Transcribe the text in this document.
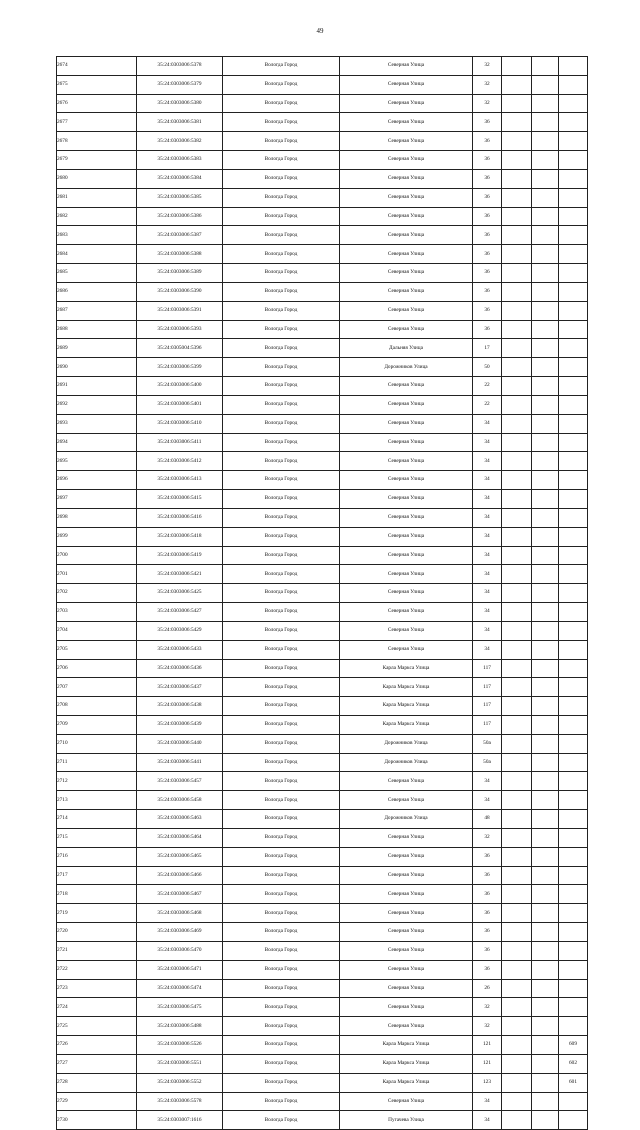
49
2674	35:24:0303006:5378	Вологда Город	Северная Улица	32			
2675	35:24:0303006:5379	Вологда Город	Северная Улица	32			
2676	35:24:0303006:5380	Вологда Город	Северная Улица	32			
2677	35:24:0303006:5381	Вологда Город	Северная Улица	36			
2678	35:24:0303006:5382	Вологда Город	Северная Улица	36			
2679	35:24:0303006:5383	Вологда Город	Северная Улица	36			
2680	35:24:0303006:5384	Вологда Город	Северная Улица	36			
2681	35:24:0303006:5385	Вологда Город	Северная Улица	36			
2682	35:24:0303006:5386	Вологда Город	Северная Улица	36			
2683	35:24:0303006:5387	Вологда Город	Северная Улица	36			
2684	35:24:0303006:5388	Вологда Город	Северная Улица	36			
2685	35:24:0303006:5389	Вологда Город	Северная Улица	36			
2686	35:24:0303006:5390	Вологда Город	Северная Улица	36			
2687	35:24:0303006:5391	Вологда Город	Северная Улица	36			
2688	35:24:0303006:5393	Вологда Город	Северная Улица	36			
2689	35:24:0305004:5396	Вологда Город	Дальняя Улица	17			
2690	35:24:0303006:5399	Вологда Город	Дорожников Улица	50			
2691	35:24:0303006:5400	Вологда Город	Северная Улица	22			
2692	35:24:0303006:5401	Вологда Город	Северная Улица	22			
2693	35:24:0303006:5410	Вологда Город	Северная Улица	34			
2694	35:24:0303006:5411	Вологда Город	Северная Улица	34			
2695	35:24:0303006:5412	Вологда Город	Северная Улица	34			
2696	35:24:0303006:5413	Вологда Город	Северная Улица	34			
2697	35:24:0303006:5415	Вологда Город	Северная Улица	34			
2698	35:24:0303006:5416	Вологда Город	Северная Улица	34			
2699	35:24:0303006:5418	Вологда Город	Северная Улица	34			
2700	35:24:0303006:5419	Вологда Город	Северная Улица	34			
2701	35:24:0303006:5421	Вологда Город	Северная Улица	34			
2702	35:24:0303006:5425	Вологда Город	Северная Улица	34			
2703	35:24:0303006:5427	Вологда Город	Северная Улица	34			
2704	35:24:0303006:5429	Вологда Город	Северная Улица	34			
2705	35:24:0303006:5433	Вологда Город	Северная Улица	34			
2706	35:24:0303006:5436	Вологда Город	Карла Маркса Улица	117			
2707	35:24:0303006:5437	Вологда Город	Карла Маркса Улица	117			
2708	35:24:0303006:5438	Вологда Город	Карла Маркса Улица	117			
2709	35:24:0303006:5439	Вологда Город	Карла Маркса Улица	117			
2710	35:24:0303006:5440	Вологда Город	Дорожников Улица	50а			
2711	35:24:0303006:5441	Вологда Город	Дорожников Улица	50а			
2712	35:24:0303006:5457	Вологда Город	Северная Улица	34			
2713	35:24:0303006:5458	Вологда Город	Северная Улица	34			
2714	35:24:0303006:5463	Вологда Город	Дорожников Улица	48			
2715	35:24:0303006:5464	Вологда Город	Северная Улица	32			
2716	35:24:0303006:5465	Вологда Город	Северная Улица	36			
2717	35:24:0303006:5466	Вологда Город	Северная Улица	36			
2718	35:24:0303006:5467	Вологда Город	Северная Улица	36			
2719	35:24:0303006:5468	Вологда Город	Северная Улица	36			
2720	35:24:0303006:5469	Вологда Город	Северная Улица	36			
2721	35:24:0303006:5470	Вологда Город	Северная Улица	36			
2722	35:24:0303006:5471	Вологда Город	Северная Улица	36			
2723	35:24:0303006:5474	Вологда Город	Северная Улица	26			
2724	35:24:0303006:5475	Вологда Город	Северная Улица	32			
2725	35:24:0303006:5488	Вологда Город	Северная Улица	32			
2726	35:24:0303006:5526	Вологда Город	Карла Маркса Улица	121			609
2727	35:24:0303006:5551	Вологда Город	Карла Маркса Улица	121			602
2728	35:24:0303006:5552	Вологда Город	Карла Маркса Улица	123			601
2729	35:24:0303006:5578	Вологда Город	Северная Улица	34			
2730	35:24:0303007:1616	Вологда Город	Пугачева Улица	34			
